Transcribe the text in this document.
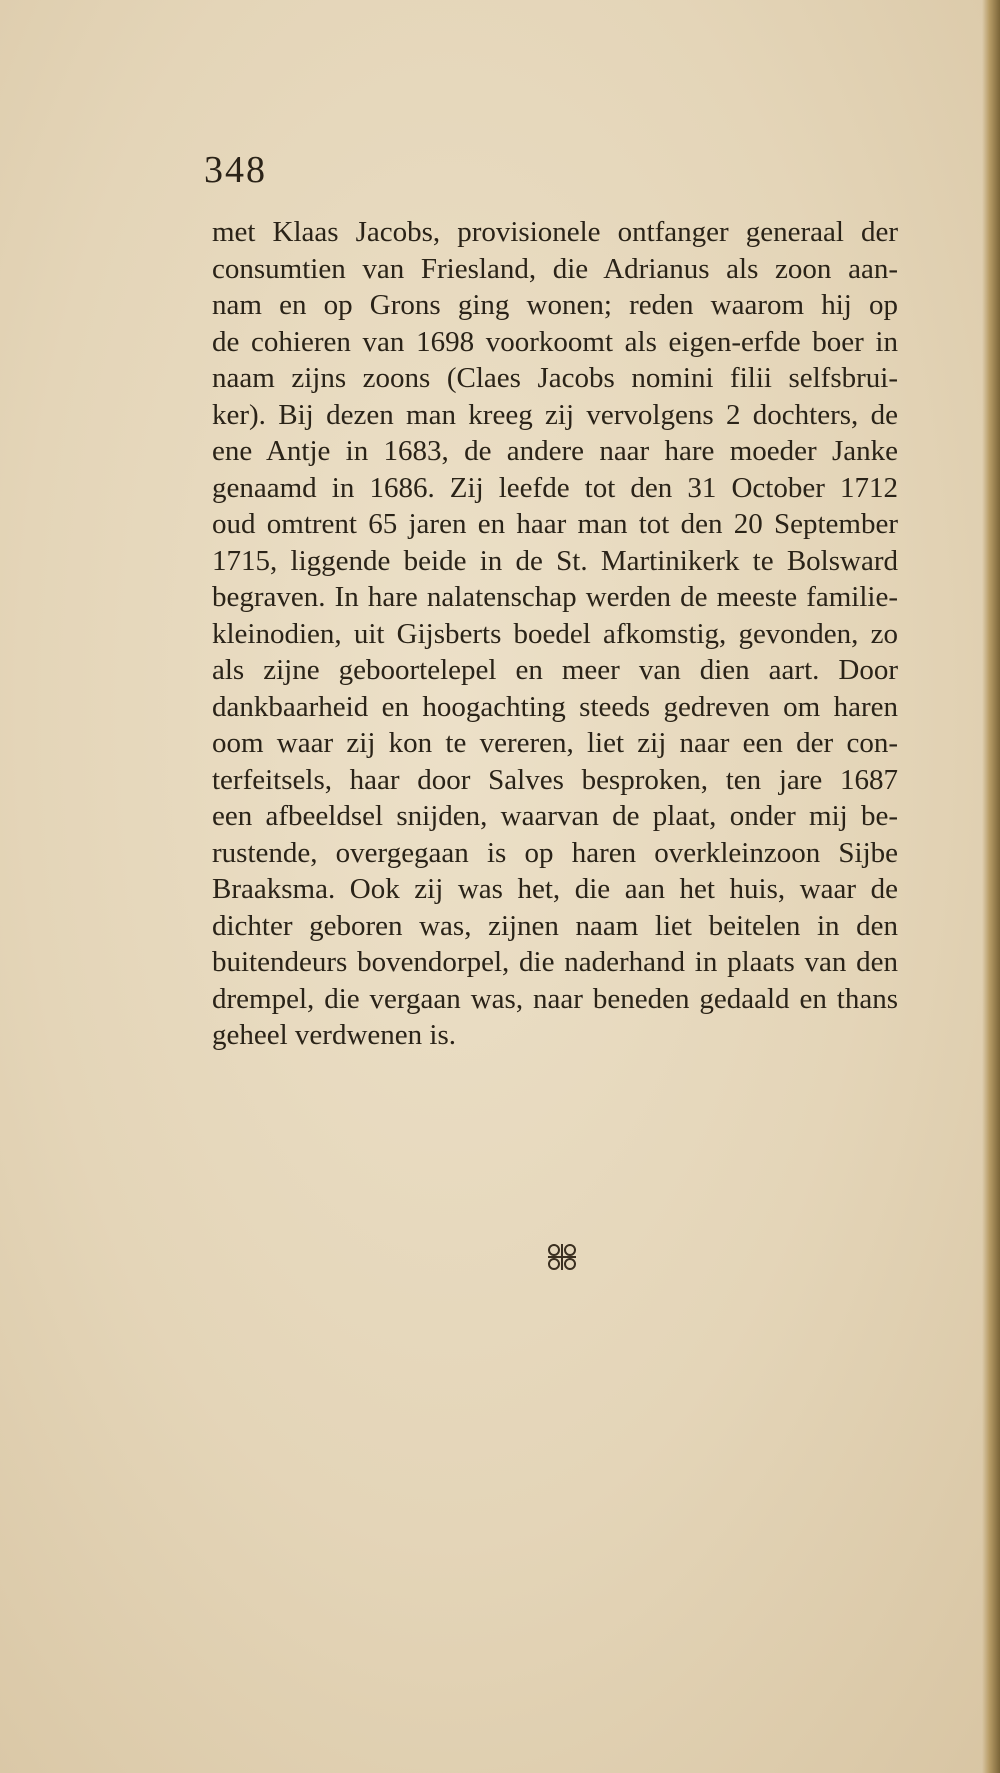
348
met Klaas Jacobs, provisionele ontfanger generaal der
consumtien van Friesland, die Adrianus als zoon aan-
nam en op Grons ging wonen; reden waarom hij op
de cohieren van 1698 voorkoomt als eigen-erfde boer in
naam zijns zoons (Claes Jacobs nomini filii selfsbrui-
ker). Bij dezen man kreeg zij vervolgens 2 dochters, de
ene Antje in 1683, de andere naar hare moeder Janke
genaamd in 1686. Zij leefde tot den 31 October 1712
oud omtrent 65 jaren en haar man tot den 20 September
1715, liggende beide in de St. Martinikerk te Bolsward
begraven. In hare nalatenschap werden de meeste familie-
kleinodien, uit Gijsberts boedel afkomstig, gevonden, zo
als zijne geboortelepel en meer van dien aart. Door
dankbaarheid en hoogachting steeds gedreven om haren
oom waar zij kon te vereren, liet zij naar een der con-
terfeitsels, haar door Salves besproken, ten jare 1687
een afbeeldsel snijden, waarvan de plaat, onder mij be-
rustende, overgegaan is op haren overkleinzoon Sijbe
Braaksma. Ook zij was het, die aan het huis, waar de
dichter geboren was, zijnen naam liet beitelen in den
buitendeurs bovendorpel, die naderhand in plaats van den
drempel, die vergaan was, naar beneden gedaald en thans
geheel verdwenen is.
